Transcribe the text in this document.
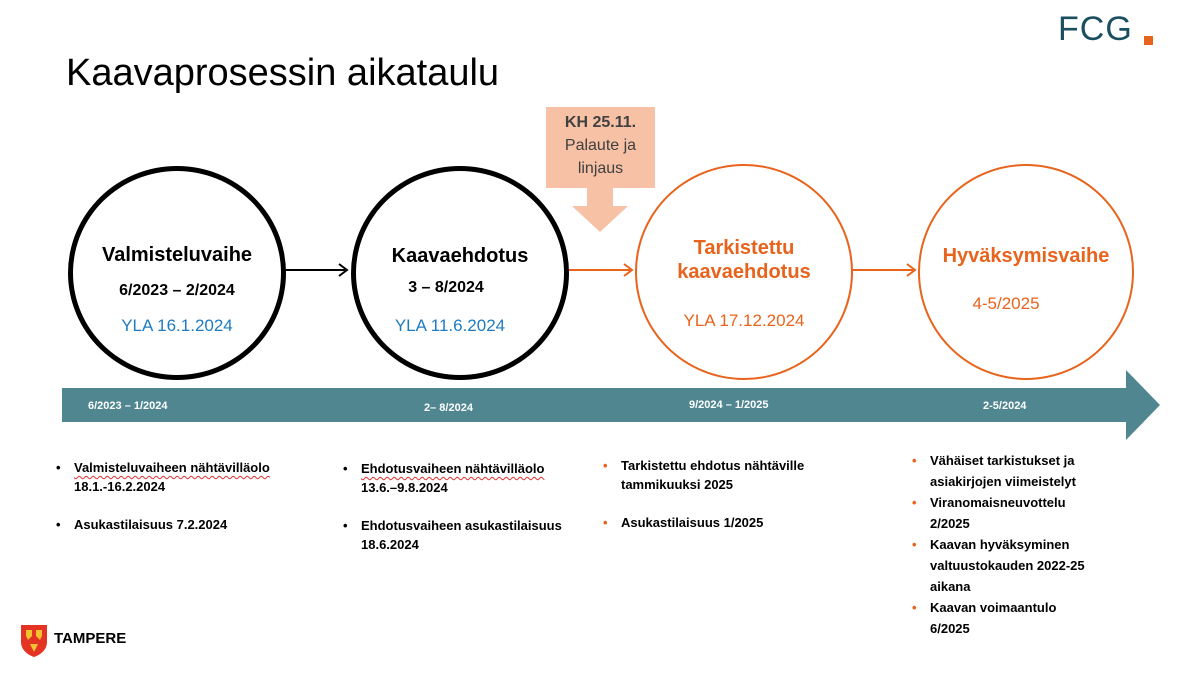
Kaavaprosessin aikataulu
FCG
KH 25.11.
Palaute ja
linjaus
Valmisteluvaihe
6/2023 – 2/2024
YLA 16.1.2024
Kaavaehdotus
3 – 8/2024
YLA 11.6.2024
Tarkistettu
kaavaehdotus
YLA 17.12.2024
Hyväksymisvaihe
4-5/2025
6/2023 – 1/2024	2– 8/2024	9/2024 – 1/2025	2-5/2024
• Valmisteluvaiheen nähtävilläolo
18.1.-16.2.2024
• Asukastilaisuus 7.2.2024
• Ehdotusvaiheen nähtävilläolo
13.6.–9.8.2024
• Ehdotusvaiheen asukastilaisuus
18.6.2024
• Tarkistettu ehdotus nähtäville
tammikuuksi 2025
• Asukastilaisuus 1/2025
• Vähäiset tarkistukset ja
asiakirjojen viimeistelyt
• Viranomaisneuvottelu
2/2025
• Kaavan hyväksyminen
valtuustokauden 2022-25
aikana
• Kaavan voimaantulo
6/2025
TAMPERE
